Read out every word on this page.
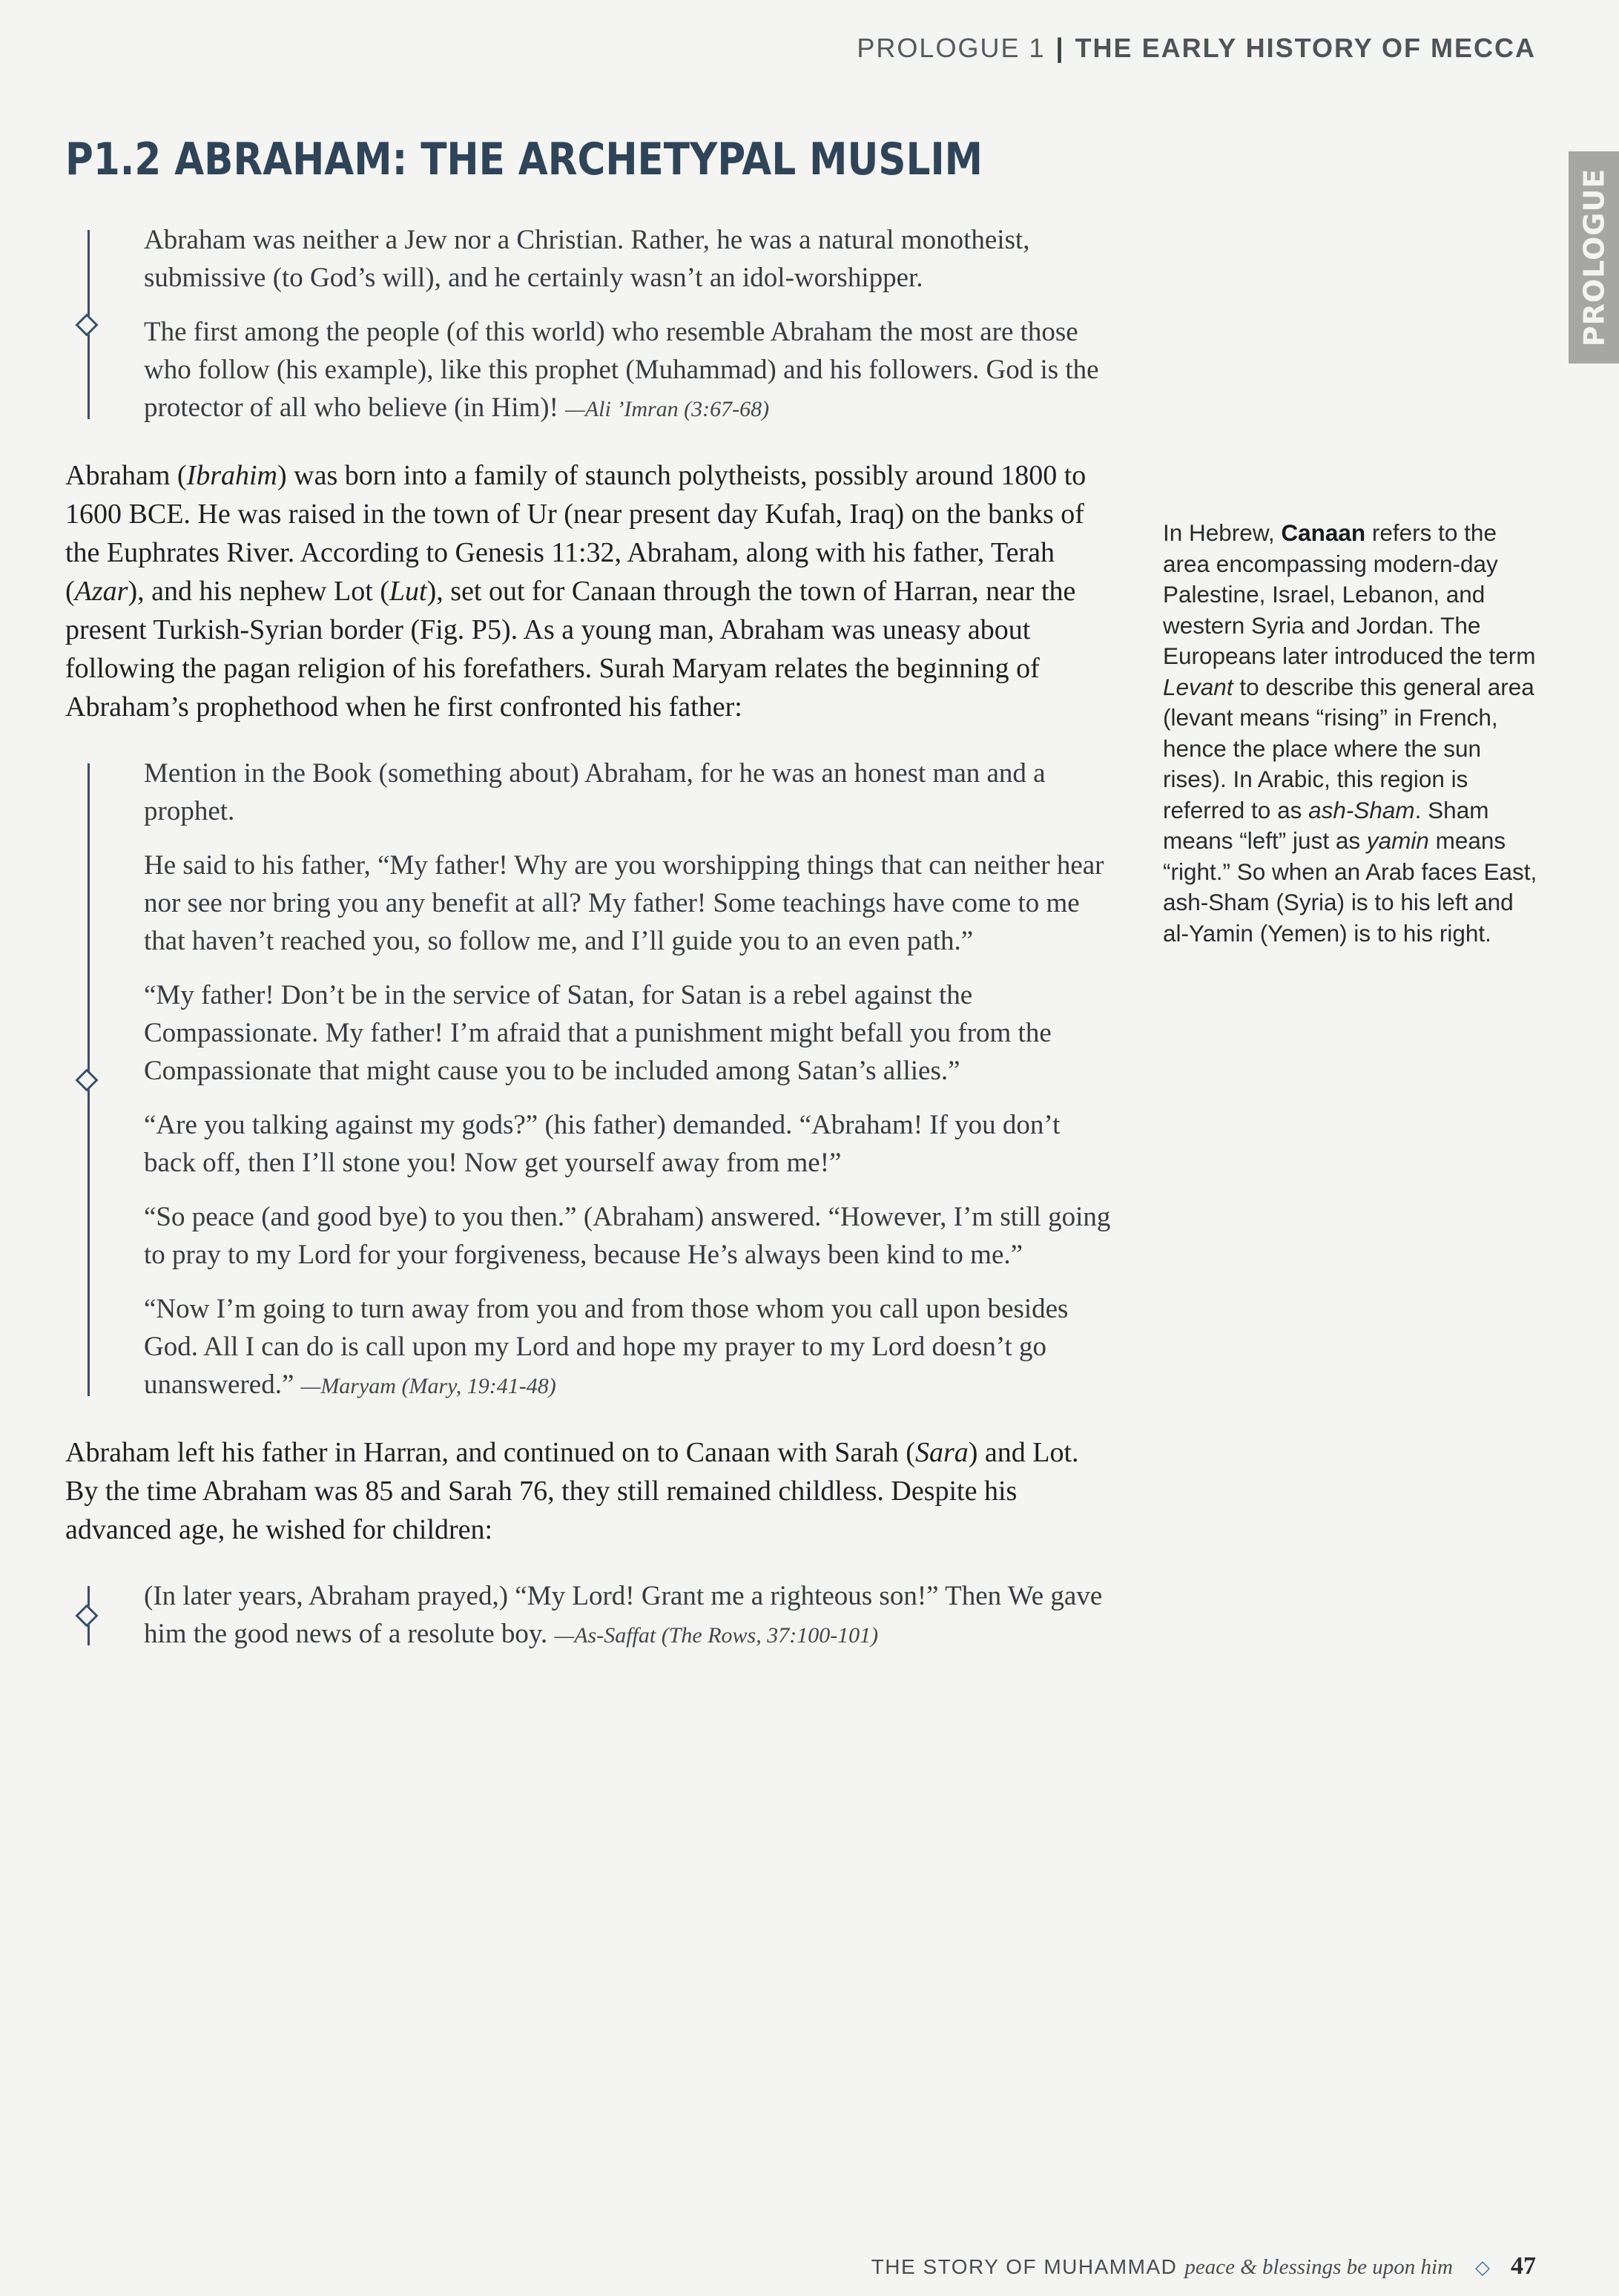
PROLOGUE 1 | THE EARLY HISTORY OF MECCA
PROLOGUE
P1.2 ABRAHAM: THE ARCHETYPAL MUSLIM

Abraham was neither a Jew nor a Christian. Rather, he was a natural monotheist, submissive (to God’s will), and he certainly wasn’t an idol-worshipper.

The first among the people (of this world) who resemble Abraham the most are those who follow (his example), like this prophet (Muhammad) and his followers. God is the protector of all who believe (in Him)! —Ali ’Imran (3:67-68)

Abraham (Ibrahim) was born into a family of staunch polytheists, possibly around 1800 to 1600 BCE. He was raised in the town of Ur (near present day Kufah, Iraq) on the banks of the Euphrates River. According to Genesis 11:32, Abraham, along with his father, Terah (Azar), and his nephew Lot (Lut), set out for Canaan through the town of Harran, near the present Turkish-Syrian border (Fig. P5). As a young man, Abraham was uneasy about following the pagan religion of his forefathers. Surah Maryam relates the beginning of Abraham’s prophethood when he first confronted his father:

Mention in the Book (something about) Abraham, for he was an honest man and a prophet.

He said to his father, “My father! Why are you worshipping things that can neither hear nor see nor bring you any benefit at all? My father! Some teachings have come to me that haven’t reached you, so follow me, and I’ll guide you to an even path.”

“My father! Don’t be in the service of Satan, for Satan is a rebel against the Compassionate. My father! I’m afraid that a punishment might befall you from the Compassionate that might cause you to be included among Satan’s allies.”

“Are you talking against my gods?” (his father) demanded. “Abraham! If you don’t back off, then I’ll stone you! Now get yourself away from me!”

“So peace (and good bye) to you then.” (Abraham) answered. “However, I’m still going to pray to my Lord for your forgiveness, because He’s always been kind to me.”

“Now I’m going to turn away from you and from those whom you call upon besides God. All I can do is call upon my Lord and hope my prayer to my Lord doesn’t go unanswered.” —Maryam (Mary, 19:41-48)

Abraham left his father in Harran, and continued on to Canaan with Sarah (Sara) and Lot. By the time Abraham was 85 and Sarah 76, they still remained childless. Despite his advanced age, he wished for children:

(In later years, Abraham prayed,) “My Lord! Grant me a righteous son!” Then We gave him the good news of a resolute boy. —As-Saffat (The Rows, 37:100-101)

In Hebrew, Canaan refers to the area encompassing modern-day Palestine, Israel, Lebanon, and western Syria and Jordan. The Europeans later introduced the term Levant to describe this general area (levant means “rising” in French, hence the place where the sun rises). In Arabic, this region is referred to as ash-Sham. Sham means “left” just as yamin means “right.” So when an Arab faces East, ash-Sham (Syria) is to his left and al-Yamin (Yemen) is to his right.

THE STORY OF MUHAMMAD peace & blessings be upon him ◇ 47
